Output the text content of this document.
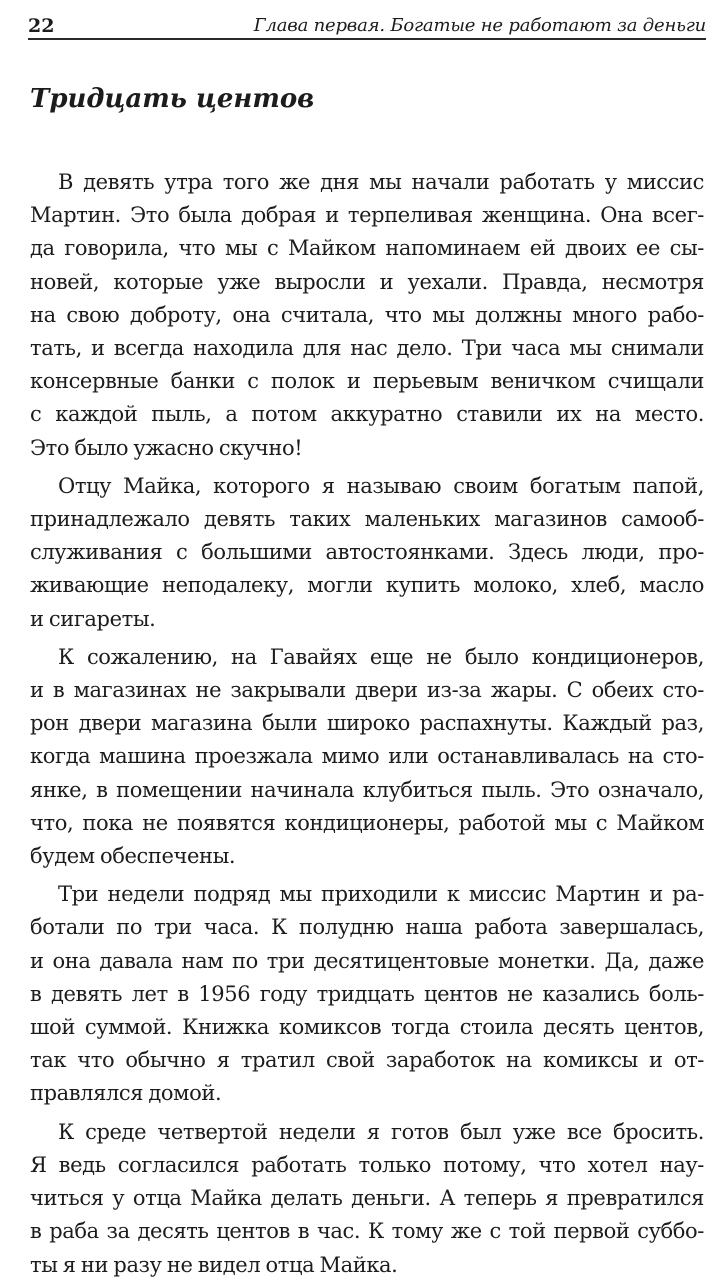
22	Глава первая. Богатые не работают за деньги
Тридцать центов

В девять утра того же дня мы начали работать у миссис
Мартин. Это была добрая и терпеливая женщина. Она всег-
да говорила, что мы с Майком напоминаем ей двоих ее сы-
новей, которые уже выросли и уехали. Правда, несмотря
на свою доброту, она считала, что мы должны много рабо-
тать, и всегда находила для нас дело. Три часа мы снимали
консервные банки с полок и перьевым веничком счищали
с каждой пыль, а потом аккуратно ставили их на место.
Это было ужасно скучно!

Отцу Майка, которого я называю своим богатым папой,
принадлежало девять таких маленьких магазинов самооб-
служивания с большими автостоянками. Здесь люди, про-
живающие неподалеку, могли купить молоко, хлеб, масло
и сигареты.

К сожалению, на Гавайях еще не было кондиционеров,
и в магазинах не закрывали двери из-за жары. С обеих сто-
рон двери магазина были широко распахнуты. Каждый раз,
когда машина проезжала мимо или останавливалась на сто-
янке, в помещении начинала клубиться пыль. Это означало,
что, пока не появятся кондиционеры, работой мы с Майком
будем обеспечены.

Три недели подряд мы приходили к миссис Мартин и ра-
ботали по три часа. К полудню наша работа завершалась,
и она давала нам по три десятицентовые монетки. Да, даже
в девять лет в 1956 году тридцать центов не казались боль-
шой суммой. Книжка комиксов тогда стоила десять центов,
так что обычно я тратил свой заработок на комиксы и от-
правлялся домой.

К среде четвертой недели я готов был уже все бросить.
Я ведь согласился работать только потому, что хотел нау-
читься у отца Майка делать деньги. А теперь я превратился
в раба за десять центов в час. К тому же с той первой суббо-
ты я ни разу не видел отца Майка.
